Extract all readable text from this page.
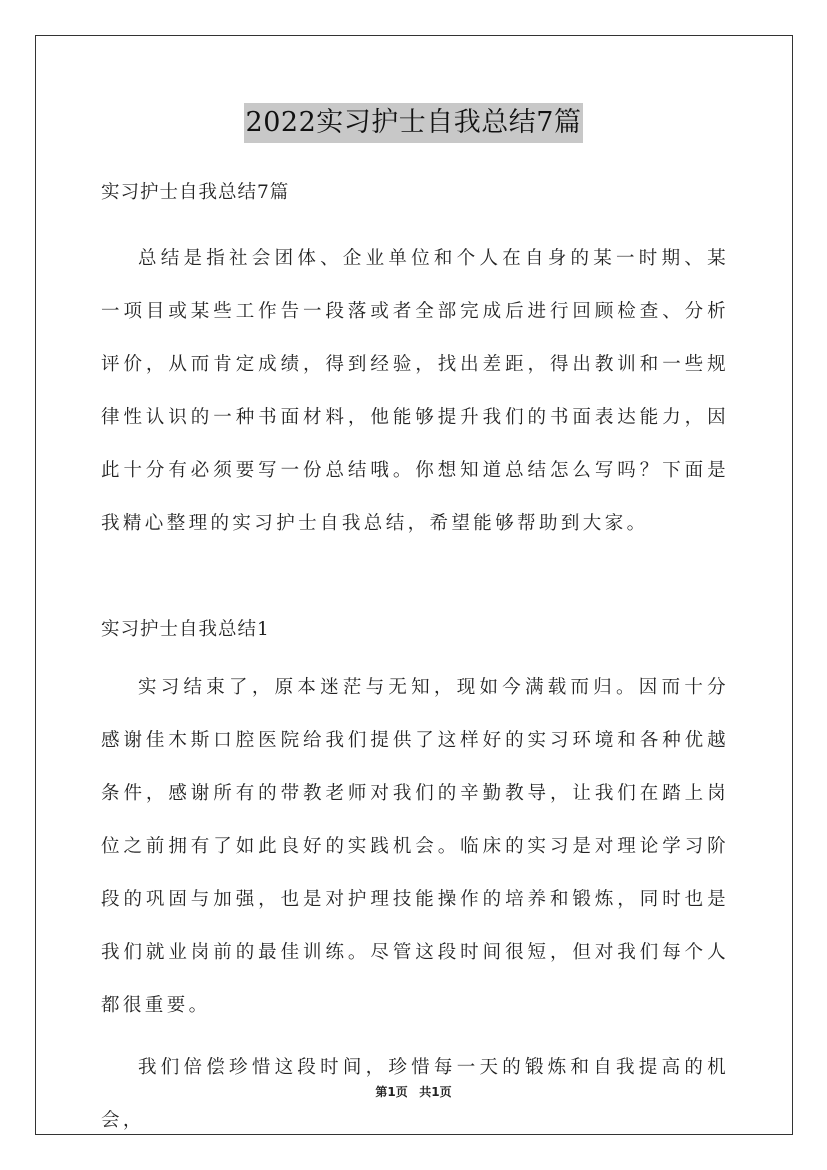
2022实习护士自我总结7篇

实习护士自我总结7篇

总结是指社会团体、企业单位和个人在自身的某一时期、某一项目或某些工作告一段落或者全部完成后进行回顾检查、分析评价，从而肯定成绩，得到经验，找出差距，得出教训和一些规律性认识的一种书面材料，他能够提升我们的书面表达能力，因此十分有必须要写一份总结哦。你想知道总结怎么写吗？下面是我精心整理的实习护士自我总结，希望能够帮助到大家。

实习护士自我总结1

实习结束了，原本迷茫与无知，现如今满载而归。因而十分感谢佳木斯口腔医院给我们提供了这样好的实习环境和各种优越条件，感谢所有的带教老师对我们的辛勤教导，让我们在踏上岗位之前拥有了如此良好的实践机会。临床的实习是对理论学习阶段的巩固与加强，也是对护理技能操作的培养和锻炼，同时也是我们就业岗前的最佳训练。尽管这段时间很短，但对我们每个人都很重要。

我们倍偿珍惜这段时间，珍惜每一天的锻炼和自我提高的机会，

第1页 共1页
